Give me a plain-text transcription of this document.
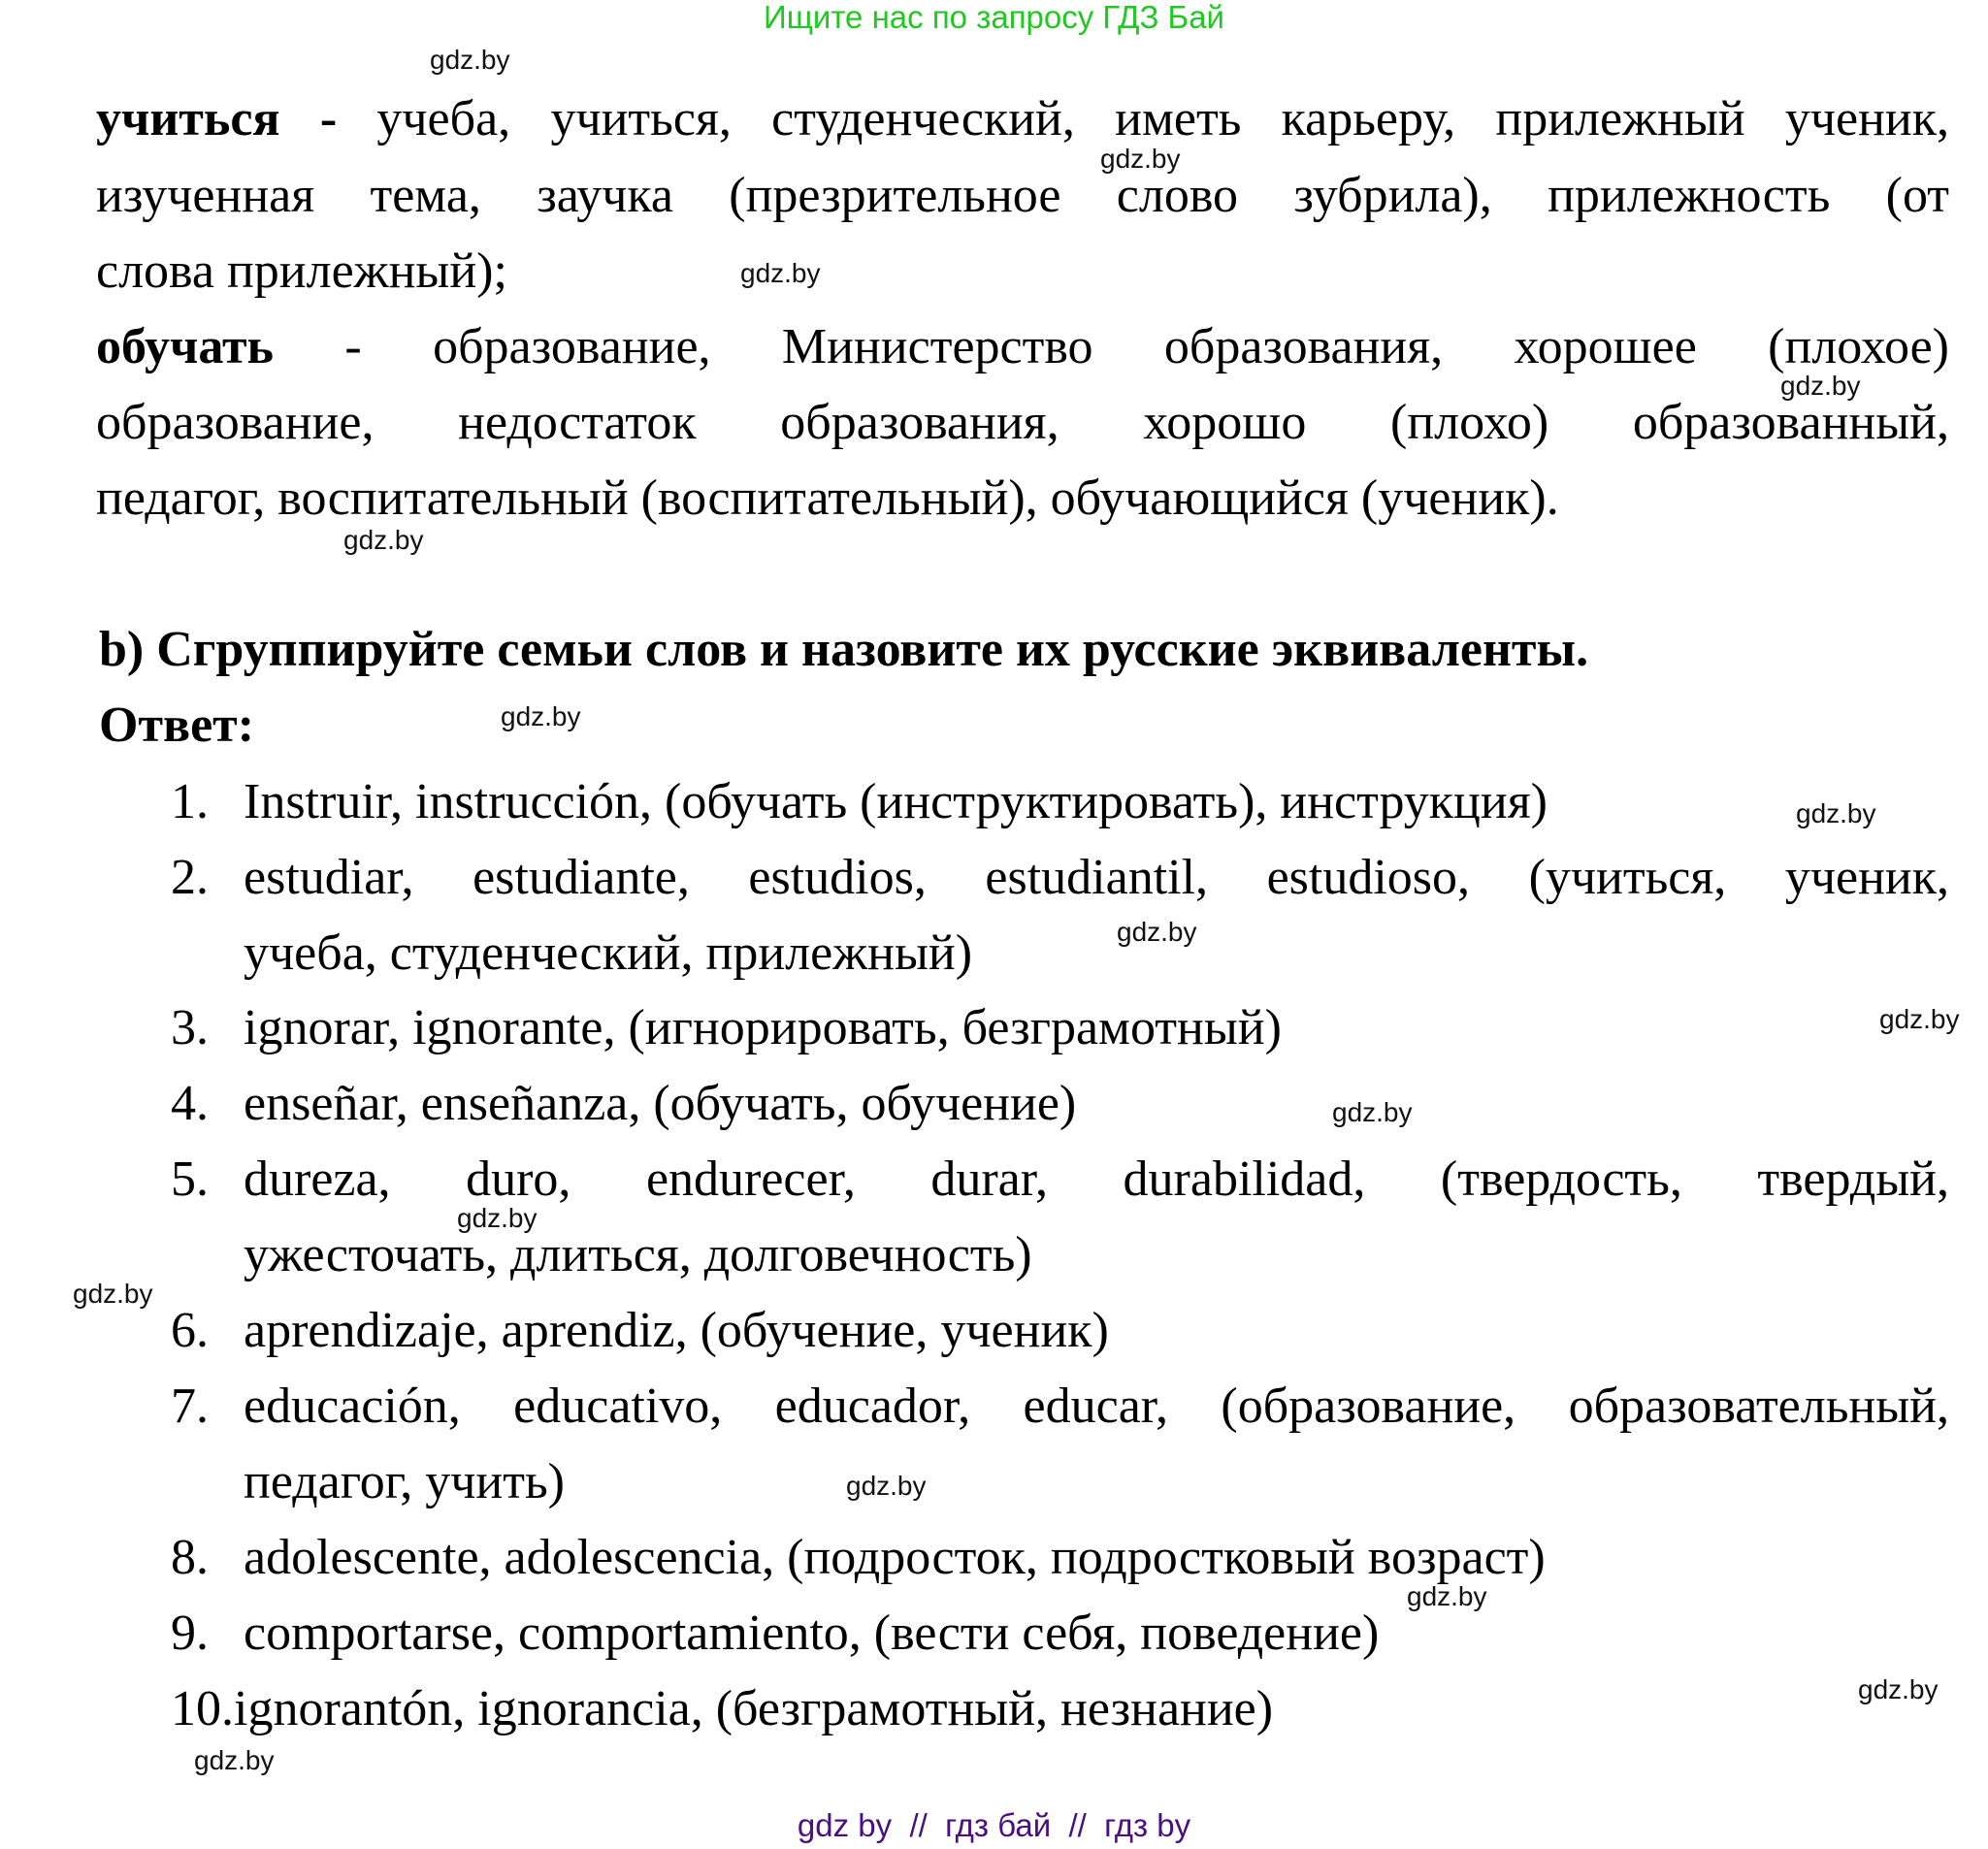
Ищите нас по запросу ГДЗ Бай
учиться - учеба, учиться, студенческий, иметь карьеру, прилежный ученик,
изученная тема, заучка (презрительное слово зубрила), прилежность (от
слова прилежный);
обучать - образование, Министерство образования, хорошее (плохое)
образование, недостаток образования, хорошо (плохо) образованный,
педагог, воспитательный (воспитательный), обучающийся (ученик).
b) Сгруппируйте семьи слов и назовите их русские эквиваленты.
Ответ:
1. Instruir, instrucción, (обучать (инструктировать), инструкция)
2. estudiar, estudiante, estudios, estudiantil, estudioso, (учиться, ученик,
учеба, студенческий, прилежный)
3. ignorar, ignorante, (игнорировать, безграмотный)
4. enseñar, enseñanza, (обучать, обучение)
5. dureza, duro, endurecer, durar, durabilidad, (твердость, твердый,
ужесточать, длиться, долговечность)
6. aprendizaje, aprendiz, (обучение, ученик)
7. educación, educativo, educador, educar, (образование, образовательный,
педагог, учить)
8. adolescente, adolescencia, (подросток, подростковый возраст)
9. comportarse, comportamiento, (вести себя, поведение)
10.ignorantón, ignorancia, (безграмотный, незнание)
gdz.by
gdz.by
gdz.by
gdz.by
gdz.by
gdz.by
gdz.by
gdz.by
gdz.by
gdz.by
gdz.by
gdz.by
gdz.by
gdz.by
gdz.by
gdz.by
gdz by  //  гдз бай  //  гдз by
